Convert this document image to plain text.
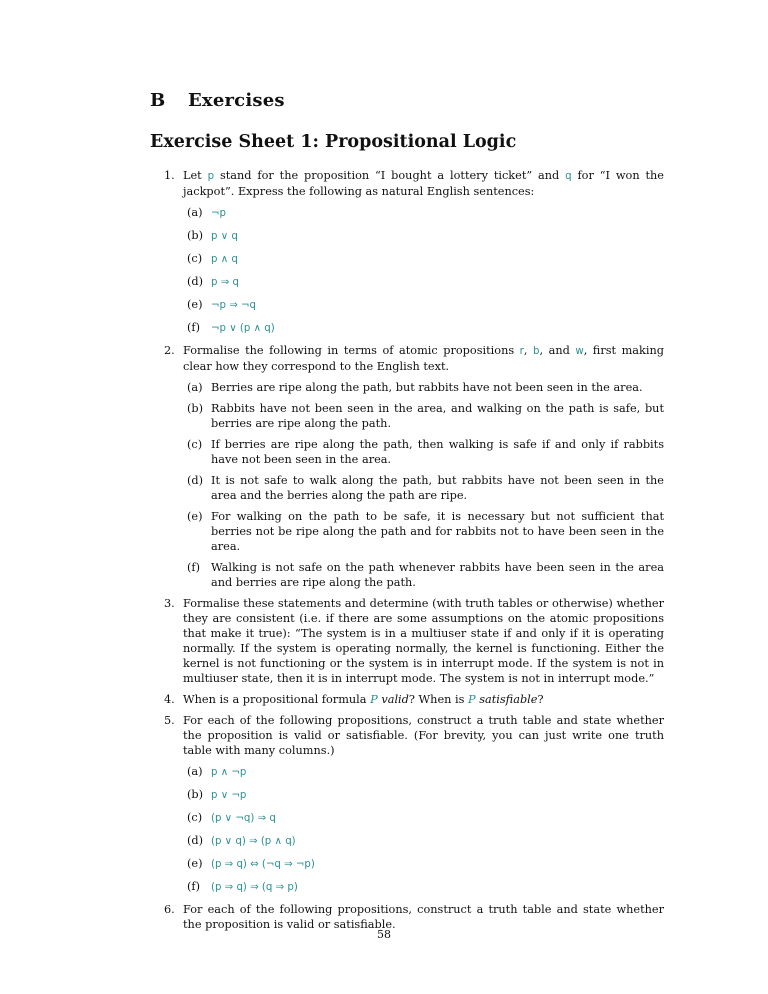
B Exercises
Exercise Sheet 1: Propositional Logic
1. Let p stand for the proposition “I bought a lottery ticket” and q for “I won the jackpot”. Express the following as natural English sentences:
(a) ¬p
(b) p ∨ q
(c) p ∧ q
(d) p ⇒ q
(e) ¬p ⇒ ¬q
(f) ¬p ∨ (p ∧ q)
2. Formalise the following in terms of atomic propositions r, b, and w, first making clear how they correspond to the English text.
(a) Berries are ripe along the path, but rabbits have not been seen in the area.
(b) Rabbits have not been seen in the area, and walking on the path is safe, but berries are ripe along the path.
(c) If berries are ripe along the path, then walking is safe if and only if rabbits have not been seen in the area.
(d) It is not safe to walk along the path, but rabbits have not been seen in the area and the berries along the path are ripe.
(e) For walking on the path to be safe, it is necessary but not sufficient that berries not be ripe along the path and for rabbits not to have been seen in the area.
(f) Walking is not safe on the path whenever rabbits have been seen in the area and berries are ripe along the path.
3. Formalise these statements and determine (with truth tables or otherwise) whether they are consistent (i.e. if there are some assumptions on the atomic propositions that make it true): “The system is in a multiuser state if and only if it is operating normally. If the system is operating normally, the kernel is functioning. Either the kernel is not functioning or the system is in interrupt mode. If the system is not in multiuser state, then it is in interrupt mode. The system is not in interrupt mode.”
4. When is a propositional formula P valid? When is P satisfiable?
5. For each of the following propositions, construct a truth table and state whether the proposition is valid or satisfiable. (For brevity, you can just write one truth table with many columns.)
(a) p ∧ ¬p
(b) p ∨ ¬p
(c) (p ∨ ¬q) ⇒ q
(d) (p ∨ q) ⇒ (p ∧ q)
(e) (p ⇒ q) ⇔ (¬q ⇒ ¬p)
(f) (p ⇒ q) ⇒ (q ⇒ p)
6. For each of the following propositions, construct a truth table and state whether the proposition is valid or satisfiable.
58
